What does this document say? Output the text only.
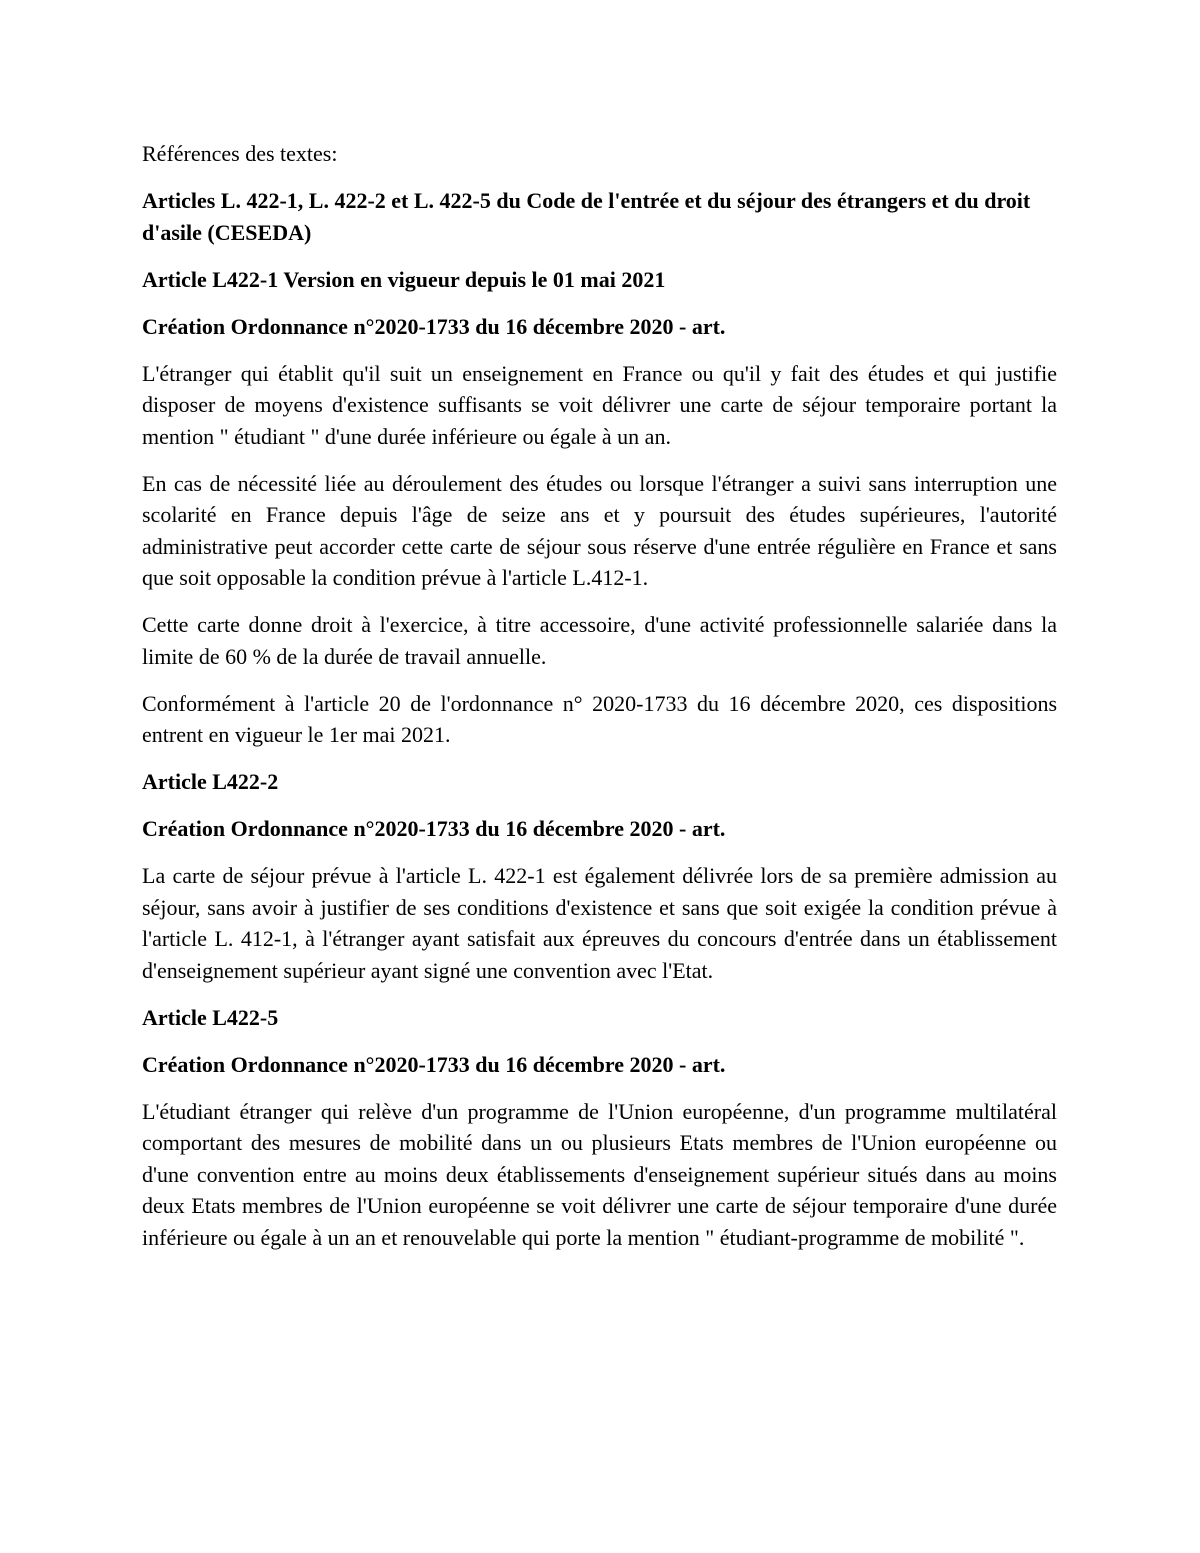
Références des textes:

Articles L. 422-1, L. 422-2 et L. 422-5 du Code de l'entrée et du séjour des étrangers et du droit d'asile (CESEDA)

Article L422-1 Version en vigueur depuis le 01 mai 2021

Création Ordonnance n°2020-1733 du 16 décembre 2020 - art.

L'étranger qui établit qu'il suit un enseignement en France ou qu'il y fait des études et qui justifie disposer de moyens d'existence suffisants se voit délivrer une carte de séjour temporaire portant la mention " étudiant " d'une durée inférieure ou égale à un an.

En cas de nécessité liée au déroulement des études ou lorsque l'étranger a suivi sans interruption une scolarité en France depuis l'âge de seize ans et y poursuit des études supérieures, l'autorité administrative peut accorder cette carte de séjour sous réserve d'une entrée régulière en France et sans que soit opposable la condition prévue à l'article L.412-1.

Cette carte donne droit à l'exercice, à titre accessoire, d'une activité professionnelle salariée dans la limite de 60 % de la durée de travail annuelle.

Conformément à l'article 20 de l'ordonnance n° 2020-1733 du 16 décembre 2020, ces dispositions entrent en vigueur le 1er mai 2021.

Article L422-2

Création Ordonnance n°2020-1733 du 16 décembre 2020 - art.

La carte de séjour prévue à l'article L. 422-1 est également délivrée lors de sa première admission au séjour, sans avoir à justifier de ses conditions d'existence et sans que soit exigée la condition prévue à l'article L. 412-1, à l'étranger ayant satisfait aux épreuves du concours d'entrée dans un établissement d'enseignement supérieur ayant signé une convention avec l'Etat.

Article L422-5

Création Ordonnance n°2020-1733 du 16 décembre 2020 - art.

L'étudiant étranger qui relève d'un programme de l'Union européenne, d'un programme multilatéral comportant des mesures de mobilité dans un ou plusieurs Etats membres de l'Union européenne ou d'une convention entre au moins deux établissements d'enseignement supérieur situés dans au moins deux Etats membres de l'Union européenne se voit délivrer une carte de séjour temporaire d'une durée inférieure ou égale à un an et renouvelable qui porte la mention " étudiant-programme de mobilité ".
